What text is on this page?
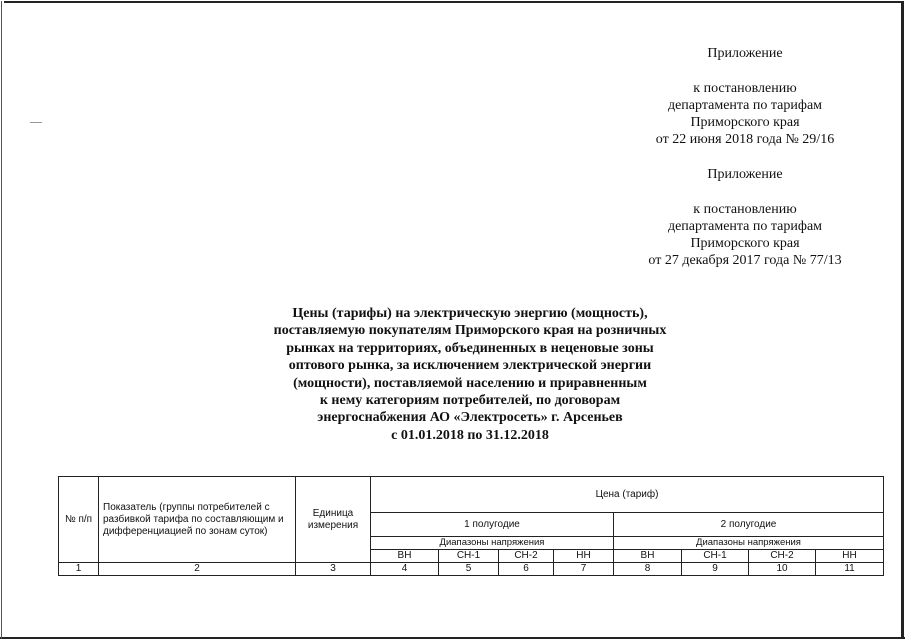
Приложение
к постановлению
департамента по тарифам
Приморского края
от 22 июня 2018 года № 29/16
Приложение
к постановлению
департамента по тарифам
Приморского края
от 27 декабря 2017 года № 77/13
Цены (тарифы) на электрическую энергию (мощность),
поставляемую покупателям Приморского края на розничных
рынках на территориях, объединенных в неценовые зоны
оптового рынка, за исключением электрической энергии
(мощности), поставляемой населению и приравненным
к нему категориям потребителей, по договорам
энергоснабжения АО «Электросеть» г. Арсеньев
с 01.01.2018 по 31.12.2018
№ п/п	Показатель (группы потребителей с разбивкой тарифа по составляющим и дифференциацией по зонам суток)	Единица измерения	Цена (тариф)							
			1 полугодие				2 полугодие			
			Диапазоны напряжения				Диапазоны напряжения			
			ВН	СН-1	СН-2	НН	ВН	СН-1	СН-2	НН
1	2	3	4	5	6	7	8	9	10	11
